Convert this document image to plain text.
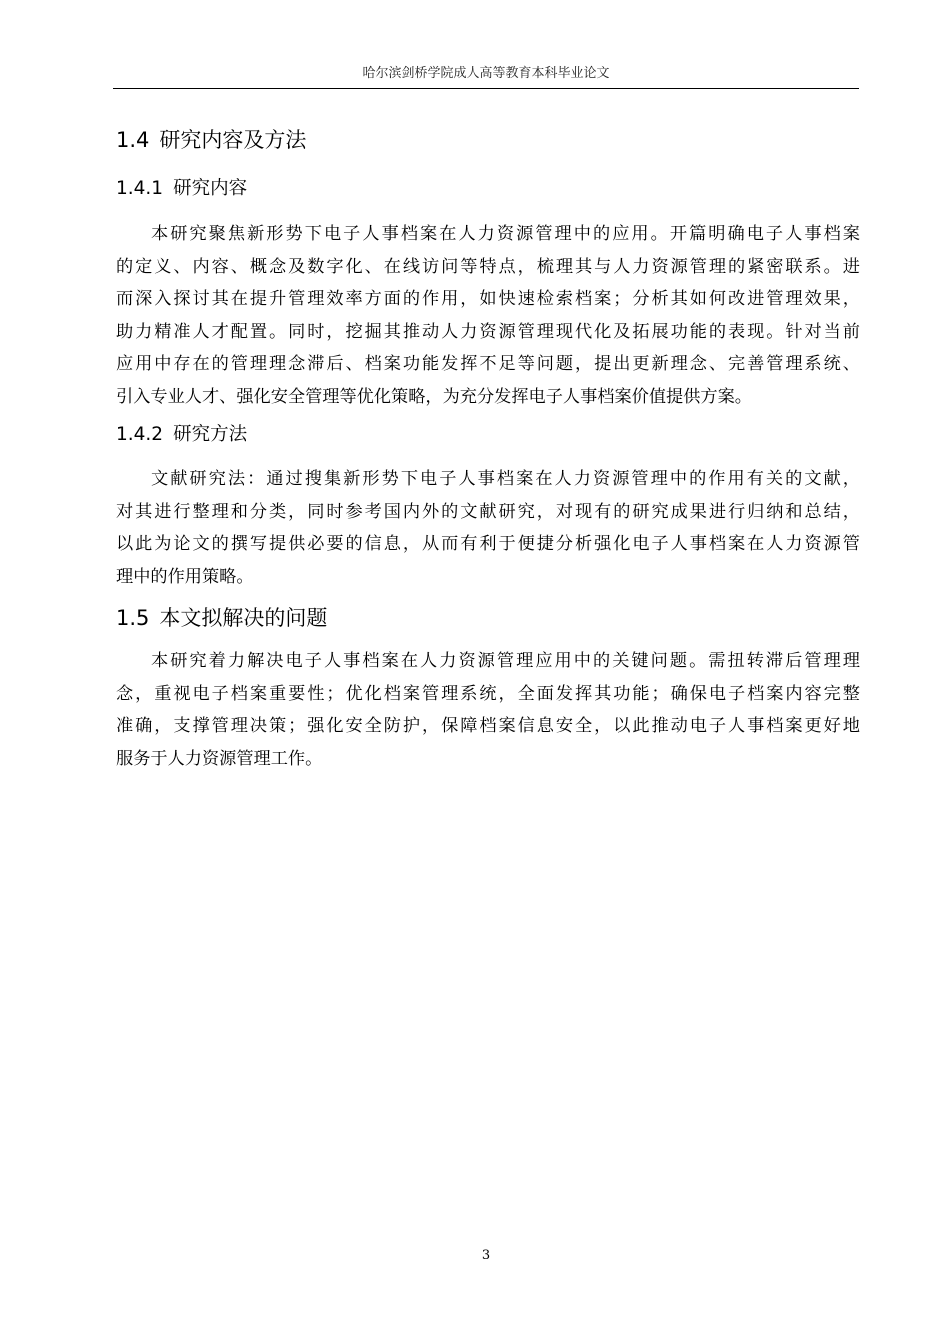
哈尔滨剑桥学院成人高等教育本科毕业论文
1.4 研究内容及方法
1.4.1 研究内容
本研究聚焦新形势下电子人事档案在人力资源管理中的应用。开篇明确电子人事档案
的定义、内容、概念及数字化、在线访问等特点，梳理其与人力资源管理的紧密联系。进
而深入探讨其在提升管理效率方面的作用，如快速检索档案；分析其如何改进管理效果，
助力精准人才配置。同时，挖掘其推动人力资源管理现代化及拓展功能的表现。针对当前
应用中存在的管理理念滞后、档案功能发挥不足等问题，提出更新理念、完善管理系统、
引入专业人才、强化安全管理等优化策略，为充分发挥电子人事档案价值提供方案。
1.4.2 研究方法
文献研究法：通过搜集新形势下电子人事档案在人力资源管理中的作用有关的文献，
对其进行整理和分类，同时参考国内外的文献研究，对现有的研究成果进行归纳和总结，
以此为论文的撰写提供必要的信息，从而有利于便捷分析强化电子人事档案在人力资源管
理中的作用策略。
1.5 本文拟解决的问题
本研究着力解决电子人事档案在人力资源管理应用中的关键问题。需扭转滞后管理理
念，重视电子档案重要性；优化档案管理系统，全面发挥其功能；确保电子档案内容完整
准确，支撑管理决策；强化安全防护，保障档案信息安全，以此推动电子人事档案更好地
服务于人力资源管理工作。
3
